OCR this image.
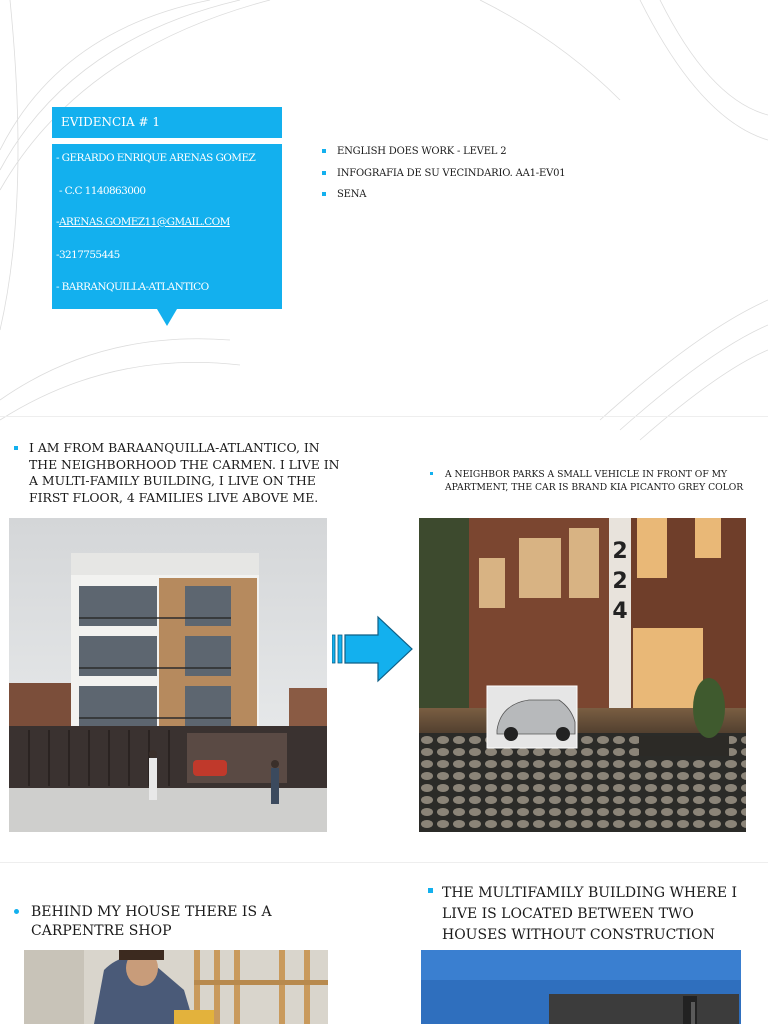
EVIDENCIA # 1
- GERARDO ENRIQUE ARENAS GOMEZ
- C.C 1140863000
-ARENAS.GOMEZ11@GMAIL.COM
-3217755445
- BARRANQUILLA-ATLANTICO
ENGLISH DOES WORK - LEVEL 2
INFOGRAFIA DE SU VECINDARIO. AA1-EV01
SENA
I AM FROM BARAANQUILLA-ATLANTICO, IN THE NEIGHBORHOOD THE CARMEN. I LIVE IN A MULTI-FAMILY BUILDING, I LIVE ON THE FIRST FLOOR, 4 FAMILIES LIVE ABOVE ME.
A NEIGHBOR PARKS A SMALL VEHICLE IN FRONT OF MY APARTMENT, THE CAR IS BRAND KIA PICANTO GREY COLOR
2 2 4
BEHIND MY HOUSE THERE IS A CARPENTRE SHOP
THE MULTIFAMILY BUILDING WHERE I LIVE IS LOCATED BETWEEN TWO HOUSES WITHOUT CONSTRUCTION
